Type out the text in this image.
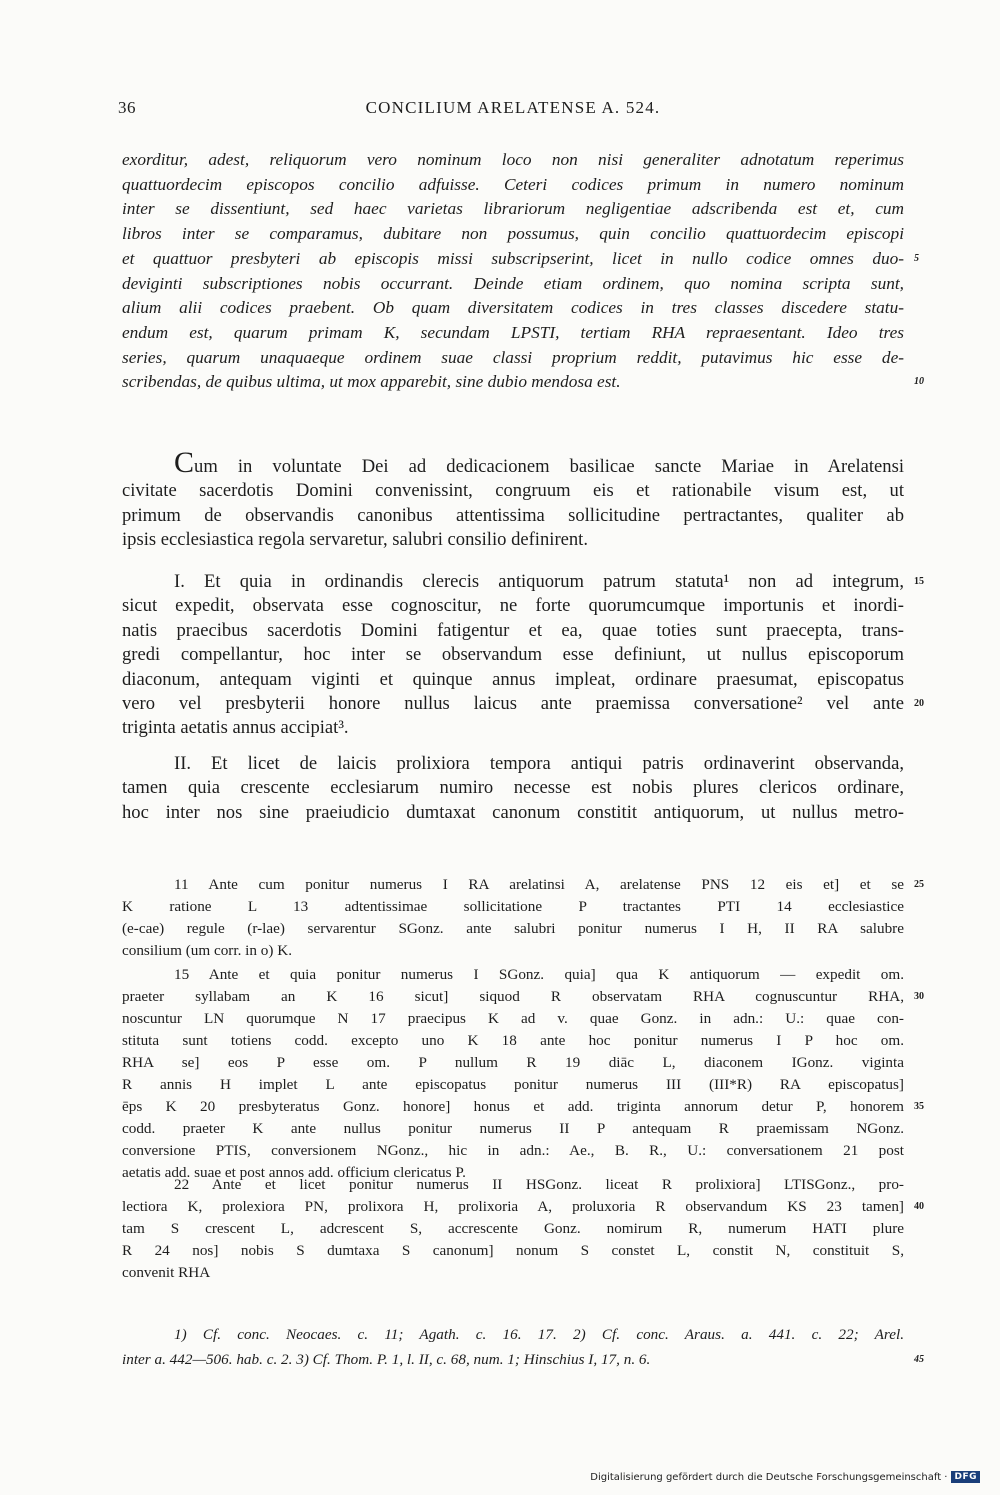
36	CONCILIUM ARELATENSE A. 524.
exorditur, adest, reliquorum vero nominum loco non nisi generaliter adnotatum reperimus
quattuordecim episcopos concilio adfuisse. Ceteri codices primum in numero nominum
inter se dissentiunt, sed haec varietas librariorum negligentiae adscribenda est et, cum
libros inter se comparamus, dubitare non possumus, quin concilio quattuordecim episcopi
et quattuor presbyteri ab episcopis missi subscripserint, licet in nullo codice omnes duo- 5
deviginti subscriptiones nobis occurrant. Deinde etiam ordinem, quo nomina scripta sunt,
alium alii codices praebent. Ob quam diversitatem codices in tres classes discedere statu-
endum est, quarum primam K, secundam LPSTI, tertiam RHA repraesentant. Ideo tres
series, quarum unaquaeque ordinem suae classi proprium reddit, putavimus hic esse de-
scribendas, de quibus ultima, ut mox apparebit, sine dubio mendosa est.	10
Cum in voluntate Dei ad dedicacionem basilicae sancte Mariae in Arelatensi
civitate sacerdotis Domini convenissint, congruum eis et rationabile visum est, ut
primum de observandis canonibus attentissima sollicitudine pertractantes, qualiter ab
ipsis ecclesiastica regola servaretur, salubri consilio definirent.
I. Et quia in ordinandis clerecis antiquorum patrum statuta¹ non ad integrum, 15
sicut expedit, observata esse cognoscitur, ne forte quorumcumque importunis et inordi-
natis praecibus sacerdotis Domini fatigentur et ea, quae toties sunt praecepta, trans-
gredi compellantur, hoc inter se observandum esse definiunt, ut nullus episcoporum
diaconum, antequam viginti et quinque annus impleat, ordinare praesumat, episcopatus
vero vel presbyterii honore nullus laicus ante praemissa conversatione² vel ante 20
triginta aetatis annus accipiat³.
II. Et licet de laicis prolixiora tempora antiqui patris ordinaverint observanda,
tamen quia crescente ecclesiarum numiro necesse est nobis plures clericos ordinare,
hoc inter nos sine praeiudicio dumtaxat canonum constitit antiquorum, ut nullus metro-
11 Ante cum ponitur numerus I RA arelatinsi A, arelatense PNS 12 eis et] et se 25
K ratione L 13 adtentissimae sollicitatione P tractantes PTI 14 ecclesiastice
(e-cae) regule (r-lae) servarentur SGonz. ante salubri ponitur numerus I H, II RA salubre
consilium (um corr. in o) K.
15 Ante et quia ponitur numerus I SGonz. quia] qua K antiquorum — expedit om.
praeter syllabam an K 16 sicut] siquod R observatam RHA cognuscuntur RHA, 30
noscuntur LN quorumque N 17 praecipus K ad v. quae Gonz. in adn.: U.: quae con-
stituta sunt totiens codd. excepto uno K 18 ante hoc ponitur numerus I P hoc om.
RHA se] eos P esse om. P nullum R 19 diāc L, diaconem IGonz. viginta
R annis H implet L ante episcopatus ponitur numerus III (III*R) RA episcopatus]
ēps K 20 presbyteratus Gonz. honore] honus et add. triginta annorum detur P, honorem 35
codd. praeter K ante nullus ponitur numerus II P antequam R praemissam NGonz.
conversione PTIS, conversionem NGonz., hic in adn.: Ae., B. R., U.: conversationem 21 post
aetatis add. suae et post annos add. officium clericatus P.
22 Ante et licet ponitur numerus II HSGonz. liceat R prolixiora] LTISGonz., pro-
lectiora K, prolexiora PN, prolixora H, prolixoria A, proluxoria R observandum KS 23 tamen] 40
tam S crescent L, adcrescent S, accrescente Gonz. nomirum R, numerum HATI plure
R 24 nos] nobis S dumtaxa S canonum] nonum S constet L, constit N, constituit S,
convenit RHA
1) Cf. conc. Neocaes. c. 11; Agath. c. 16. 17. 2) Cf. conc. Araus. a. 441. c. 22; Arel.
inter a. 442—506. hab. c. 2. 3) Cf. Thom. P. 1, l. II, c. 68, num. 1; Hinschius I, 17, n. 6.	45
Digitalisierung gefördert durch die Deutsche Forschungsgemeinschaft · DFG
